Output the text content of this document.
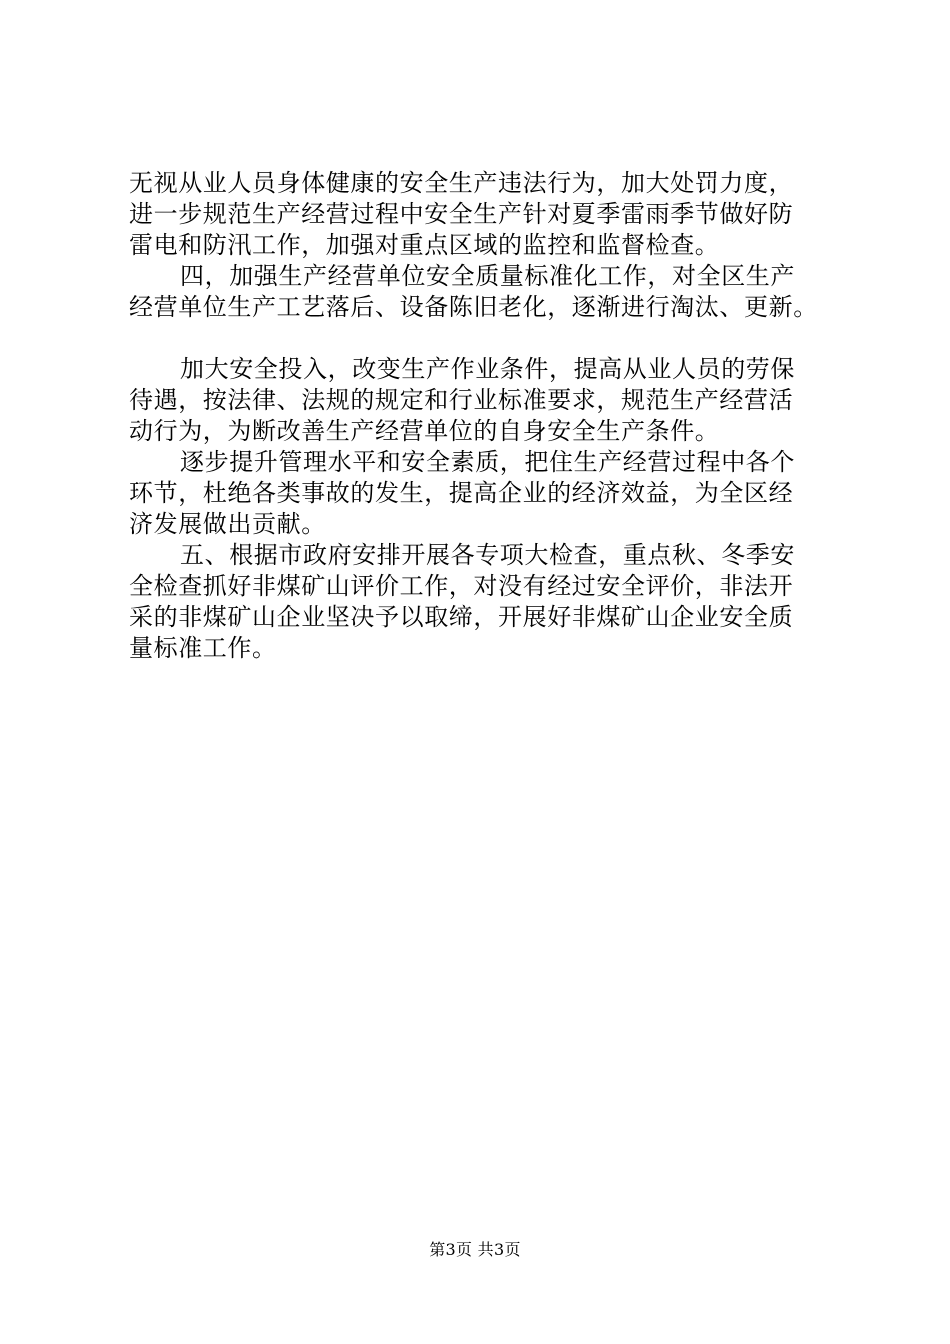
无视从业人员身体健康的安全生产违法行为，加大处罚力度，
进一步规范生产经营过程中安全生产针对夏季雷雨季节做好防
雷电和防汛工作，加强对重点区域的监控和监督检查。
四，加强生产经营单位安全质量标准化工作，对全区生产
经营单位生产工艺落后、设备陈旧老化，逐渐进行淘汰、更新。
加大安全投入，改变生产作业条件，提高从业人员的劳保
待遇，按法律、法规的规定和行业标准要求，规范生产经营活
动行为，为断改善生产经营单位的自身安全生产条件。
逐步提升管理水平和安全素质，把住生产经营过程中各个
环节，杜绝各类事故的发生，提高企业的经济效益，为全区经
济发展做出贡献。
五、根据市政府安排开展各专项大检查，重点秋、冬季安
全检查抓好非煤矿山评价工作，对没有经过安全评价，非法开
采的非煤矿山企业坚决予以取缔，开展好非煤矿山企业安全质
量标准工作。
第3页 共3页
